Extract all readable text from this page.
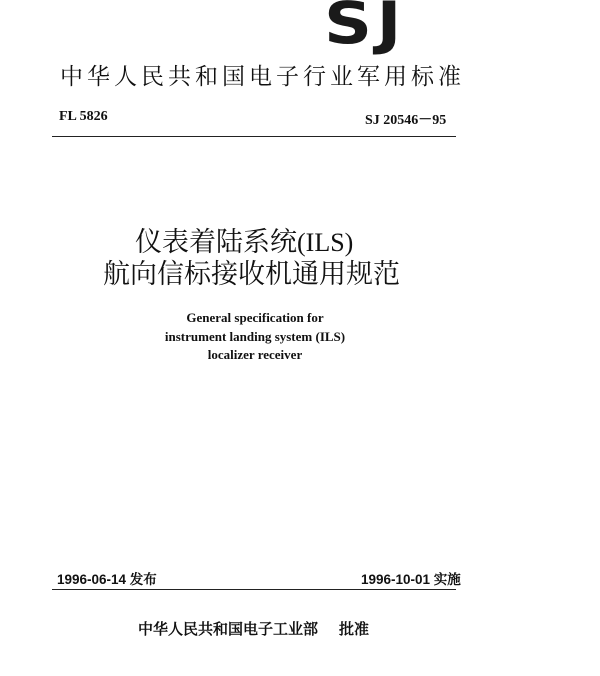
SJ
中华人民共和国电子行业军用标准
FL 5826	SJ 20546－95
仪表着陆系统(ILS)
航向信标接收机通用规范
General specification for
instrument landing system (ILS)
localizer receiver
1996-06-14 发布	1996-10-01 实施
中华人民共和国电子工业部 批准
